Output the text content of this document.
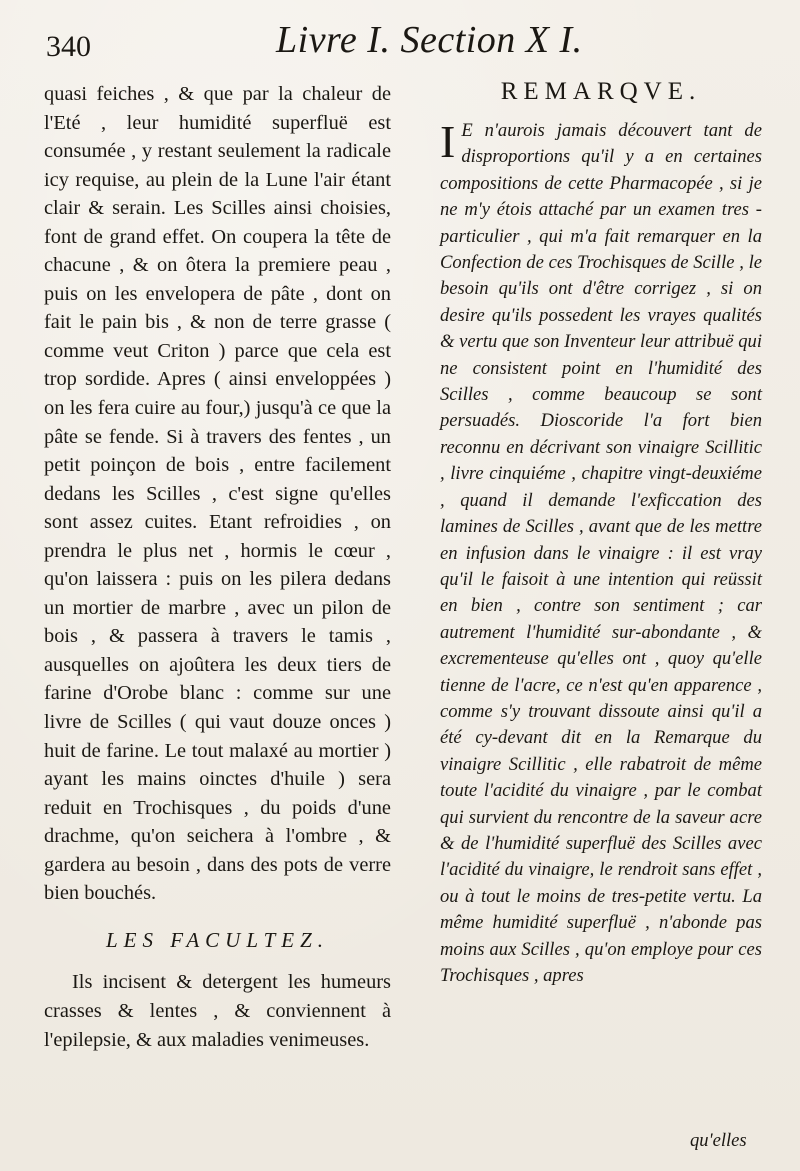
340	Livre I. Section X I.

quasi feiches , & que par la chaleur de l'Eté , leur humidité superfluë est consumée , y restant seulement la radicale icy requise, au plein de la Lune l'air étant clair & serain. Les Scilles ainsi choisies, font de grand effet. On coupera la tête de chacune , & on ôtera la premiere peau , puis on les envelopera de pâte , dont on fait le pain bis , & non de terre grasse ( comme veut Criton ) parce que cela est trop sordide. Apres ( ainsi enveloppées ) on les fera cuire au four,) jusqu'à ce que la pâte se fende. Si à travers des fentes , un petit poinçon de bois , entre facilement dedans les Scilles , c'est signe qu'elles sont assez cuites. Etant refroidies , on prendra le plus net , hormis le cœur , qu'on laissera : puis on les pilera dedans un mortier de marbre , avec un pilon de bois , & passera à travers le tamis , ausquelles on ajoûtera les deux tiers de farine d'Orobe blanc : comme sur une livre de Scilles ( qui vaut douze onces ) huit de farine. Le tout malaxé au mortier ) ayant les mains oinctes d'huile ) sera reduit en Trochisques , du poids d'une drachme, qu'on seichera à l'ombre , & gardera au besoin , dans des pots de verre bien bouchés.

LES FACULTEZ.

Ils incisent & detergent les humeurs crasses & lentes , & conviennent à l'epilepsie, & aux maladies venimeuses.

REMARQVE.

I E n'aurois jamais découvert tant de disproportions qu'il y a en certaines compositions de cette Pharmacopée , si je ne m'y étois attaché par un examen tres - particulier , qui m'a fait remarquer en la Confection de ces Trochisques de Scille , le besoin qu'ils ont d'être corrigez , si on desire qu'ils possedent les vrayes qualités & vertu que son Inventeur leur attribuë qui ne consistent point en l'humidité des Scilles , comme beaucoup se sont persuadés. Dioscoride l'a fort bien reconnu en décrivant son vinaigre Scillitic , livre cinquiéme , chapitre vingt-deuxiéme , quand il demande l'exficcation des lamines de Scilles , avant que de les mettre en infusion dans le vinaigre : il est vray qu'il le faisoit à une intention qui reüssit en bien , contre son sentiment ; car autrement l'humidité sur-abondante , & excrementeuse qu'elles ont , quoy qu'elle tienne de l'acre, ce n'est qu'en apparence , comme s'y trouvant dissoute ainsi qu'il a été cy-devant dit en la Remarque du vinaigre Scillitic , elle rabatroit de même toute l'acidité du vinaigre , par le combat qui survient du rencontre de la saveur acre & de l'humidité superfluë des Scilles avec l'acidité du vinaigre, le rendroit sans effet , ou à tout le moins de tres-petite vertu. La même humidité superfluë , n'abonde pas moins aux Scilles , qu'on employe pour ces Trochisques , apres

qu'elles
